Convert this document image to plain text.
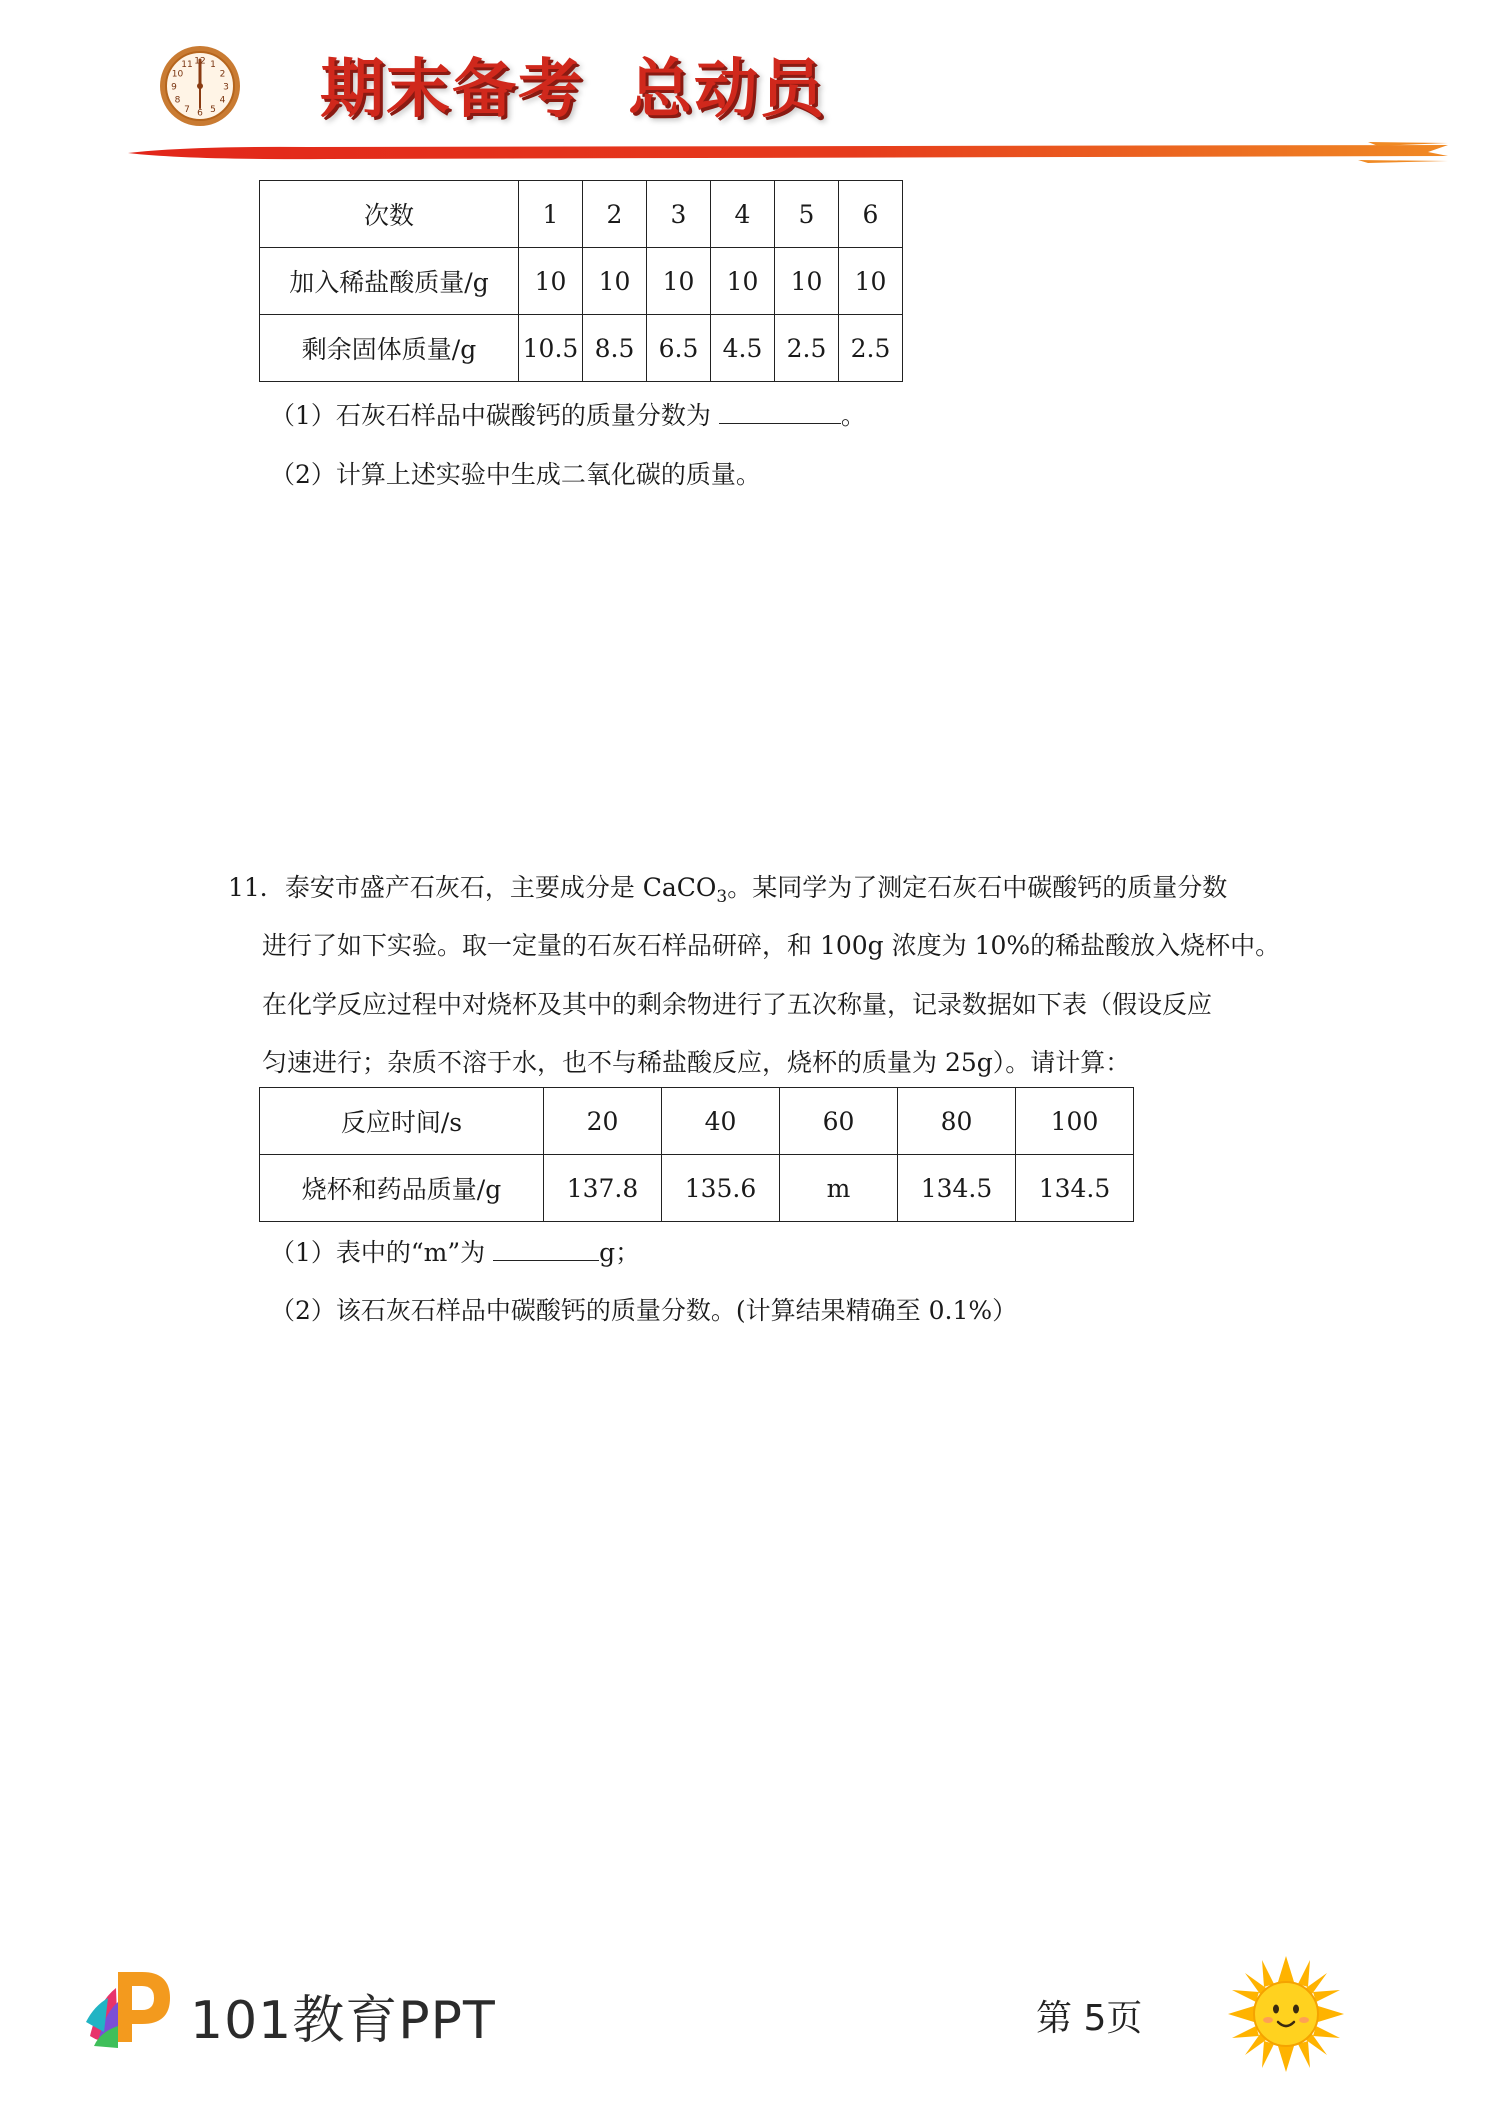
12 1
2
3
4
5
6
7
8
9
10
11 期末备考 总动员
次数	1	2	3	4	5	6
加入稀盐酸质量/g	10	10	10	10	10	10
剩余固体质量/g	10.5	8.5	6.5	4.5	2.5	2.5
（1）石灰石样品中碳酸钙的质量分数为	。
（2）计算上述实验中生成二氧化碳的质量。
11．泰安市盛产石灰石，主要成分是 CaCO$_3$。某同学为了测定石灰石中碳酸钙的质量分数
进行了如下实验。取一定量的石灰石样品研碎，和 100g 浓度为 10%的稀盐酸放入烧杯中。
在化学反应过程中对烧杯及其中的剩余物进行了五次称量，记录数据如下表（假设反应
匀速进行；杂质不溶于水，也不与稀盐酸反应，烧杯的质量为 25g）。请计算：
反应时间/s	20	40	60	80	100
烧杯和药品质量/g	137.8	135.6	m	134.5	134.5
（1）表中的“m”为	g；
（2）该石灰石样品中碳酸钙的质量分数。(计算结果精确至 0.1%）
101教育PPT	第 5页
